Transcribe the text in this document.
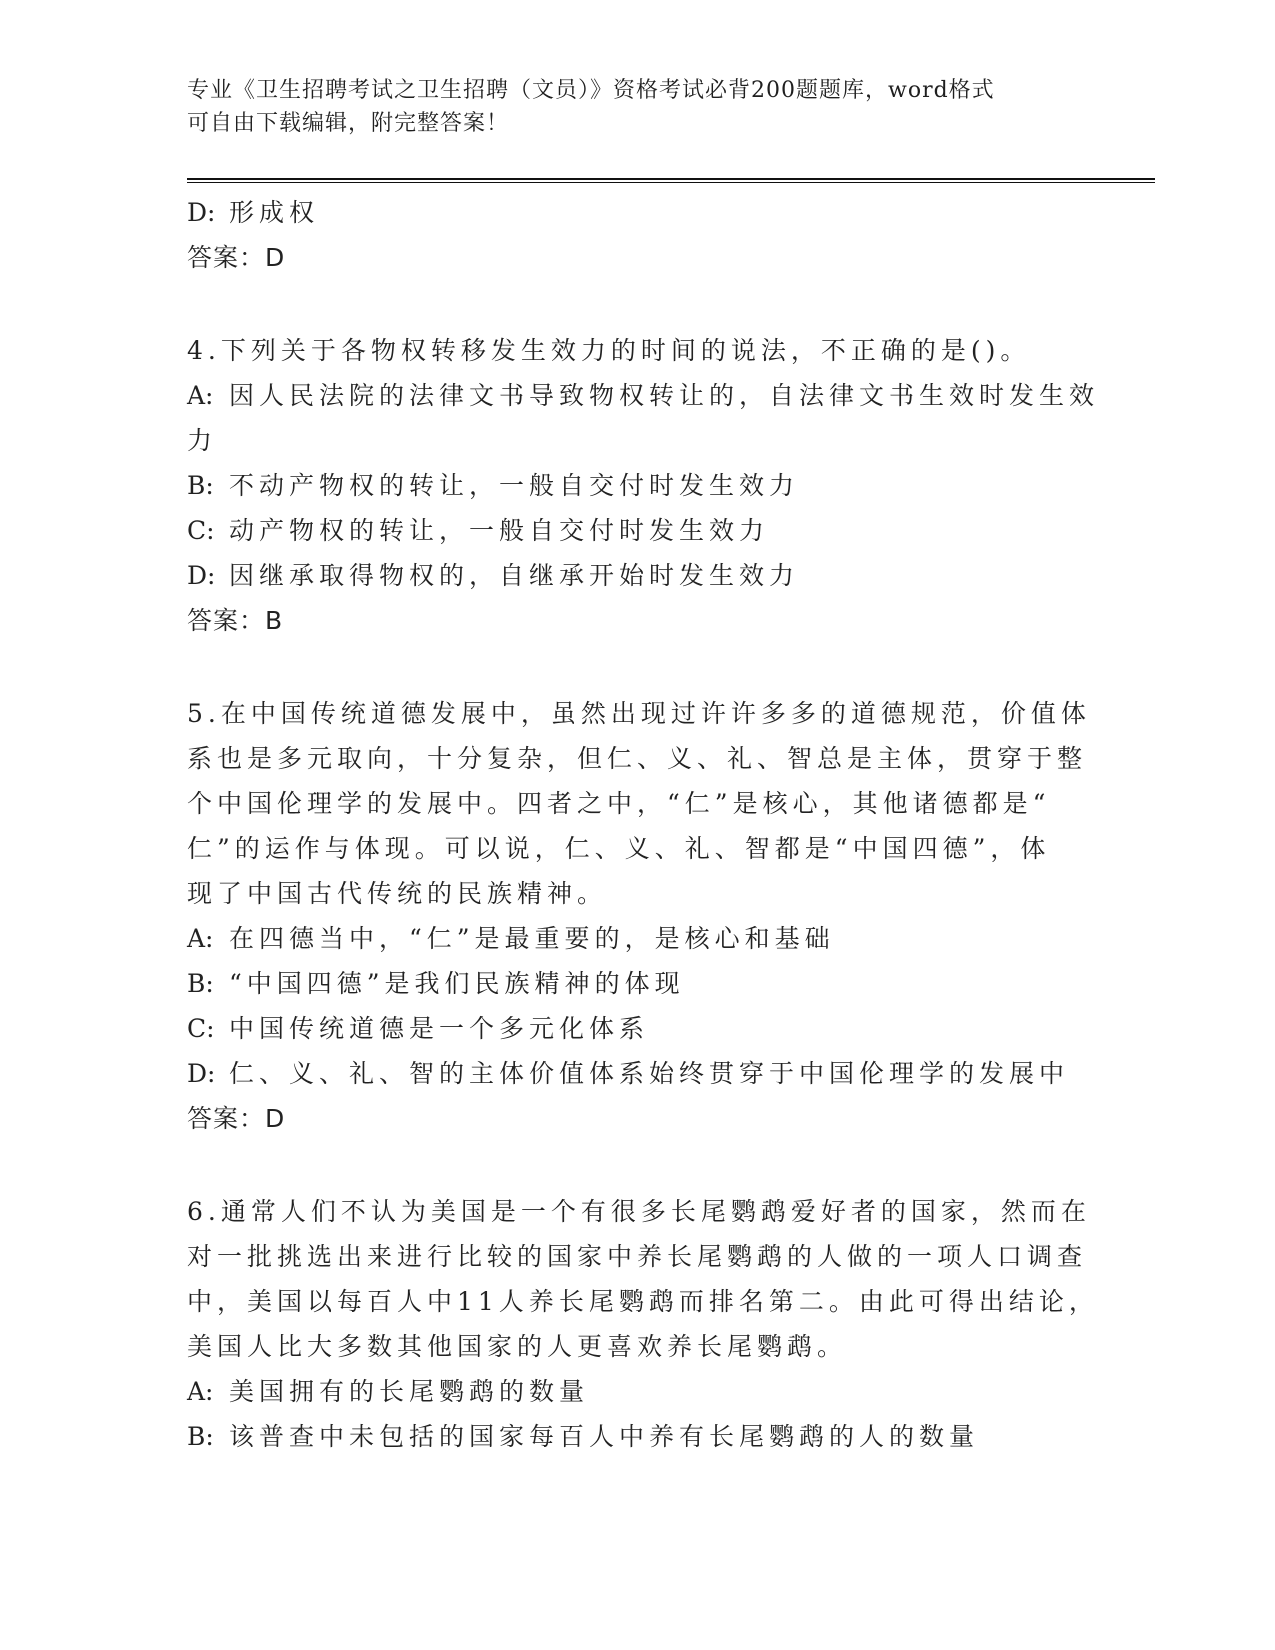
专业《卫生招聘考试之卫生招聘（文员）》资格考试必背200题题库，word格式
可自由下载编辑，附完整答案！

D: 形成权

答案：D

4.下列关于各物权转移发生效力的时间的说法，不正确的是()。

A: 因人民法院的法律文书导致物权转让的，自法律文书生效时发生效

力

B: 不动产物权的转让，一般自交付时发生效力

C: 动产物权的转让，一般自交付时发生效力

D: 因继承取得物权的，自继承开始时发生效力

答案：B

5.在中国传统道德发展中，虽然出现过许许多多的道德规范，价值体

系也是多元取向，十分复杂，但仁、义、礼、智总是主体，贯穿于整

个中国伦理学的发展中。四者之中，“仁”是核心，其他诸德都是“

仁”的运作与体现。可以说，仁、义、礼、智都是“中国四德”，体

现了中国古代传统的民族精神。

A: 在四德当中，“仁”是最重要的，是核心和基础

B: “中国四德”是我们民族精神的体现

C: 中国传统道德是一个多元化体系

D: 仁、义、礼、智的主体价值体系始终贯穿于中国伦理学的发展中

答案：D

6.通常人们不认为美国是一个有很多长尾鹦鹉爱好者的国家，然而在

对一批挑选出来进行比较的国家中养长尾鹦鹉的人做的一项人口调查

中，美国以每百人中11人养长尾鹦鹉而排名第二。由此可得出结论，

美国人比大多数其他国家的人更喜欢养长尾鹦鹉。

A: 美国拥有的长尾鹦鹉的数量

B: 该普查中未包括的国家每百人中养有长尾鹦鹉的人的数量
